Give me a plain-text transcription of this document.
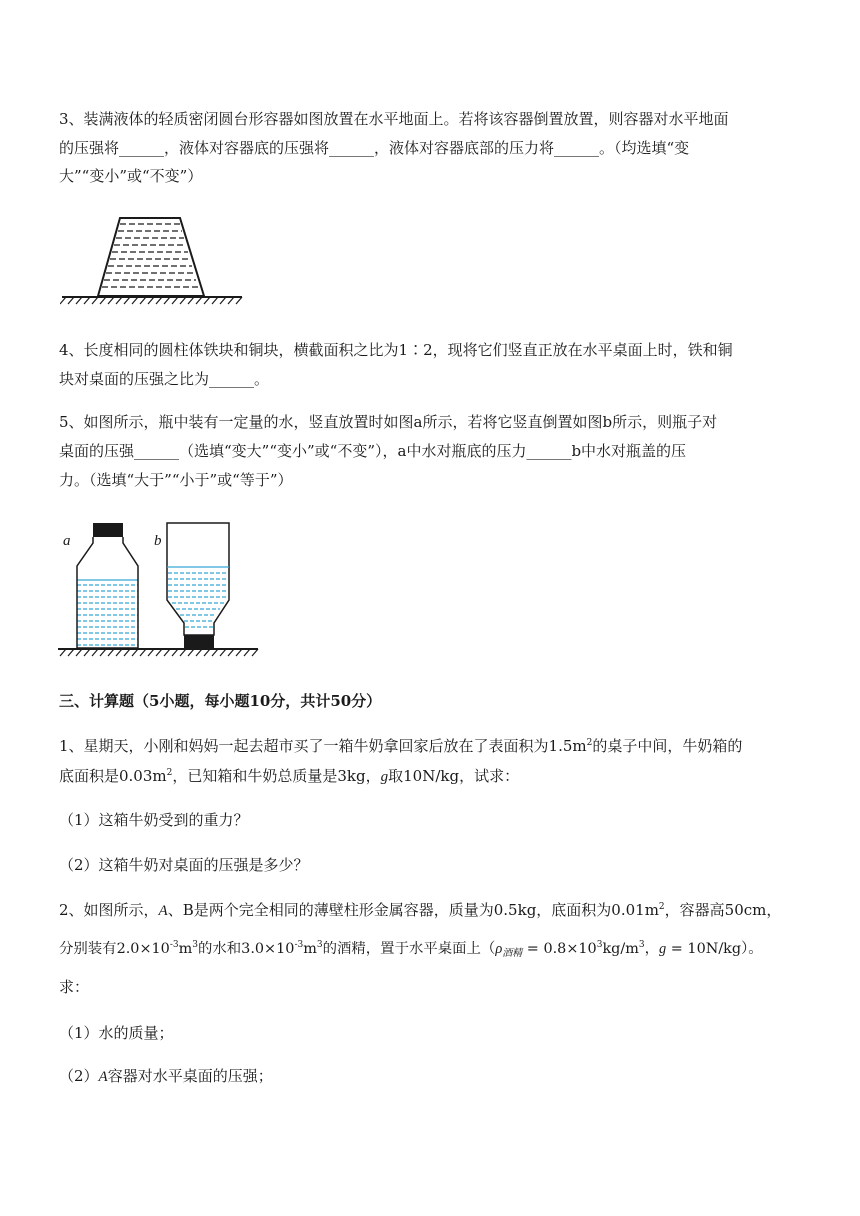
3、装满液体的轻质密闭圆台形容器如图放置在水平地面上。若将该容器倒置放置，则容器对水平地面
的压强将______，液体对容器底的压强将______，液体对容器底部的压力将______。（均选填“变
大”“变小”或“不变”）
4、长度相同的圆柱体铁块和铜块，横截面积之比为1∶2，现将它们竖直正放在水平桌面上时，铁和铜
块对桌面的压强之比为______。
5、如图所示，瓶中装有一定量的水，竖直放置时如图a所示，若将它竖直倒置如图b所示，则瓶子对
桌面的压强______（选填“变大”“变小”或“不变”），a中水对瓶底的压力______b中水对瓶盖的压
力。（选填“大于”“小于”或“等于”）
a	b
三、计算题（5小题，每小题10分，共计50分）
1、星期天，小刚和妈妈一起去超市买了一箱牛奶拿回家后放在了表面积为$1.5m^2$的桌子中间，牛奶箱的
底面积是$0.03m^2$，已知箱和牛奶总质量是3kg，g取10N/kg，试求：
（1）这箱牛奶受到的重力？
（2）这箱牛奶对桌面的压强是多少？
2、如图所示，A、B是两个完全相同的薄壁柱形金属容器，质量为0.5kg，底面积为$0.01m^2$，容器高50cm，
分别装有$2.0\times 10^{-3}m^3$的水和$3.0\times 10^{-3}m^3$的酒精，置于水平桌面上（$\rho_{酒精} = 0.8\times 10^3kg/m^3$，g = 10N/kg）。
求：
（1）水的质量；
（2）A容器对水平桌面的压强；
